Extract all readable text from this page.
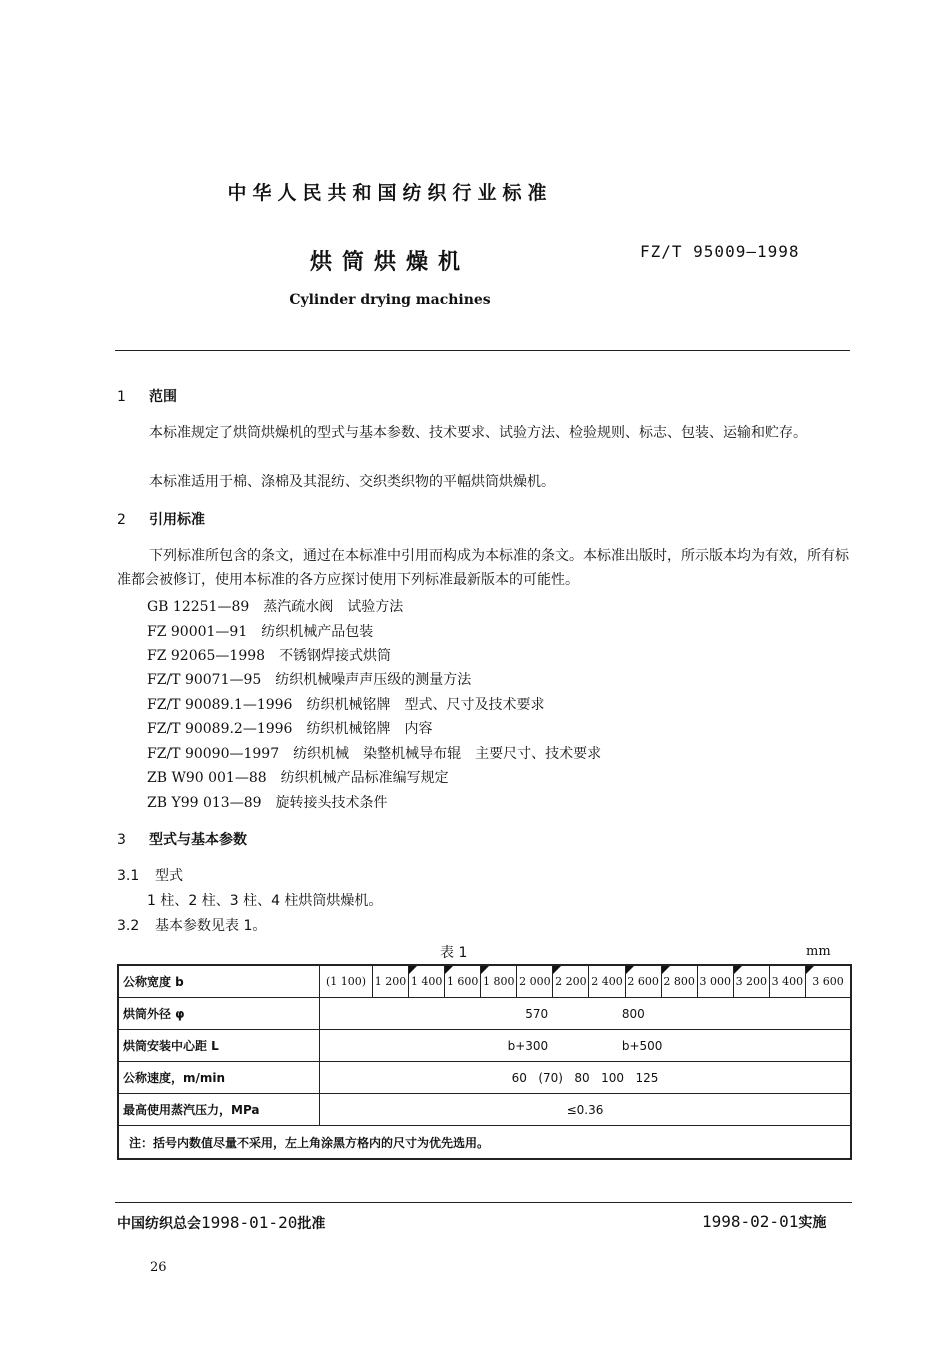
中华人民共和国纺织行业标准
烘筒烘燥机	FZ/T 95009—1998
Cylinder drying machines
1 范围
本标准规定了烘筒烘燥机的型式与基本参数、技术要求、试验方法、检验规则、标志、包装、运输和贮存。
本标准适用于棉、涤棉及其混纺、交织类织物的平幅烘筒烘燥机。
2 引用标准
下列标准所包含的条文，通过在本标准中引用而构成为本标准的条文。本标准出版时，所示版本均为有效，所有标准都会被修订，使用本标准的各方应探讨使用下列标准最新版本的可能性。
GB 12251—89　 蒸汽疏水阀　试验方法
FZ 90001—91　 纺织机械产品包装
FZ 92065—1998　 不锈钢焊接式烘筒
FZ/T 90071—95　 纺织机械噪声声压级的测量方法
FZ/T 90089.1—1996　 纺织机械铭牌　型式、尺寸及技术要求
FZ/T 90089.2—1996　 纺织机械铭牌　内容
FZ/T 90090—1997　 纺织机械　染整机械导布辊　主要尺寸、技术要求
ZB W90 001—88　 纺织机械产品标准编写规定
ZB Y99 013—89　 旋转接头技术条件
3 型式与基本参数
3.1 型式
1 柱、2 柱、3 柱、4 柱烘筒烘燥机。
3.2 基本参数见表 1。
表 1	mm
公称宽度 b	(1 100)	1 200	1 400	1 600	1 800	2 000	2 200	2 400	2 600	2 800	3 000	3 200	3 400	3 600
烘筒外径 φ	570 800													
烘筒安装中心距 L	b+300 b+500													
公称速度，m/min	60 (70) 80 100 125													
最高使用蒸汽压力，MPa	≤0.36													
注：括号内数值尽量不采用，左上角涂黑方格内的尺寸为优先选用。														
中国纺织总会1998-01-20批准	1998-02-01实施
26
